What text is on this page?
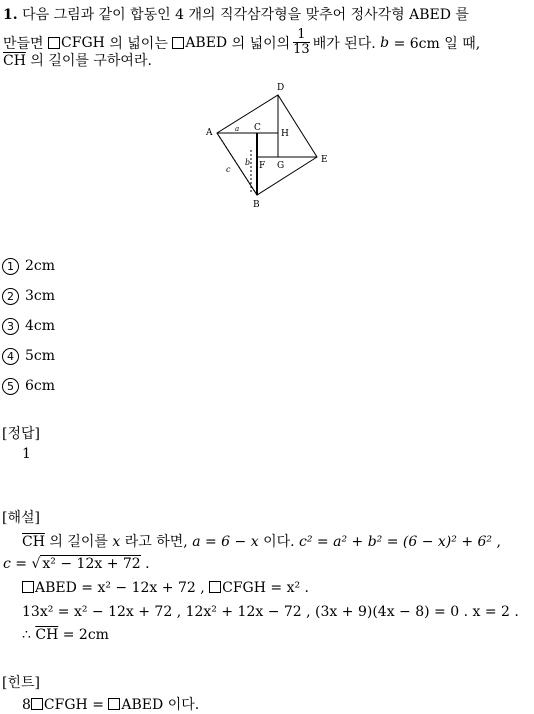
1. 다음 그림과 같이 합동인 4 개의 직각삼각형을 맞추어 정사각형 ABED 를
만들면
CFGH
의 넓이는
ABED
의 넓이의 $\frac{1}{13}$ 배가 된다.
b
= 6cm 일 때,
$\overline{CH}$ 의 길이를 구하여라.
A
B
C
D
E
F G
H
a
b
c
1 2cm
2 3cm
3 4cm
4 5cm
5 6cm
[정답]
1
[해설]
$\overline{CH}$ 의 길이를 x 라고 하면, a = 6 − x 이다. c² = a² + b² = (6 − x)² + 6² ,
c = √ x² − 12x + 72 .
ABED = x² − 12x + 72 , CFGH = x² .
13x² = x² − 12x + 72 , 12x² + 12x − 72 , (3x + 9)(4x − 8) = 0 . x = 2 .
∴ $\overline{CH} = 2cm$
[힌트]
8 CFGH = ABED 이다.
